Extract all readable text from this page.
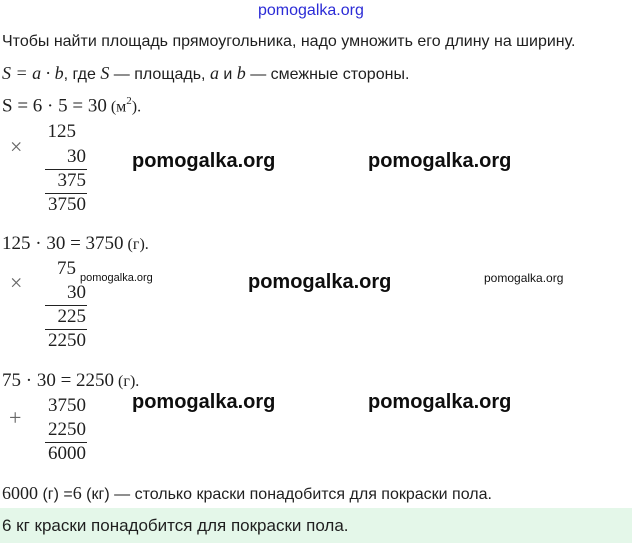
pomogalka.org
Чтобы найти площадь прямоугольника, надо умножить его длину на ширину.
S = a · b, где S — площадь, a и b — смежные стороны.
S = 6 · 5 = 30 $(м^2)$.
×
125
30
375
3750
125 · 30 = 3750 (г).
×
75
30
225
2250
75 · 30 = 2250 (г).
+	3750
2250
6000
6000 (г) =6 (кг) — столько краски понадобится для покраски пола.
6 кг краски понадобится для покраски пола.
pomogalka.org	pomogalka.org
pomogalka.org	pomogalka.org	pomogalka.org
pomogalka.org	pomogalka.org
